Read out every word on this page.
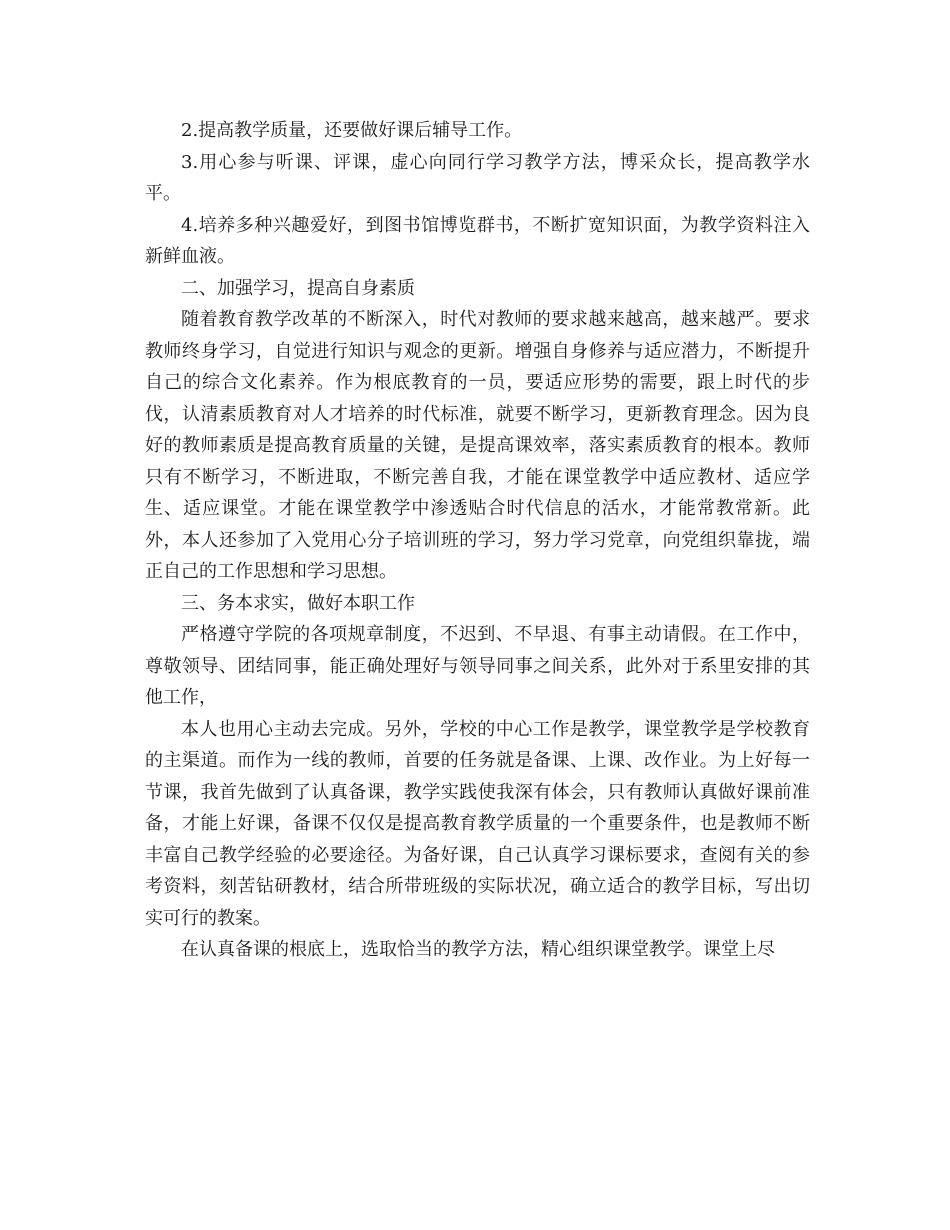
2.提高教学质量，还要做好课后辅导工作。

3.用心参与听课、评课，虚心向同行学习教学方法，博采众长，提高教学水平。

4.培养多种兴趣爱好，到图书馆博览群书，不断扩宽知识面，为教学资料注入新鲜血液。

二、加强学习，提高自身素质

随着教育教学改革的不断深入，时代对教师的要求越来越高，越来越严。要求教师终身学习，自觉进行知识与观念的更新。增强自身修养与适应潜力，不断提升自己的综合文化素养。作为根底教育的一员，要适应形势的需要，跟上时代的步伐，认清素质教育对人才培养的时代标准，就要不断学习，更新教育理念。因为良好的教师素质是提高教育质量的关键，是提高课效率，落实素质教育的根本。教师只有不断学习，不断进取，不断完善自我，才能在课堂教学中适应教材、适应学生、适应课堂。才能在课堂教学中渗透贴合时代信息的活水，才能常教常新。此外，本人还参加了入党用心分子培训班的学习，努力学习党章，向党组织靠拢，端正自己的工作思想和学习思想。

三、务本求实，做好本职工作

严格遵守学院的各项规章制度，不迟到、不早退、有事主动请假。在工作中，尊敬领导、团结同事，能正确处理好与领导同事之间关系，此外对于系里安排的其他工作，

本人也用心主动去完成。另外，学校的中心工作是教学，课堂教学是学校教育的主渠道。而作为一线的教师，首要的任务就是备课、上课、改作业。为上好每一节课，我首先做到了认真备课，教学实践使我深有体会，只有教师认真做好课前准备，才能上好课，备课不仅仅是提高教育教学质量的一个重要条件，也是教师不断丰富自己教学经验的必要途径。为备好课，自己认真学习课标要求，查阅有关的参考资料，刻苦钻研教材，结合所带班级的实际状况，确立适合的教学目标，写出切实可行的教案。

在认真备课的根底上，选取恰当的教学方法，精心组织课堂教学。课堂上尽
